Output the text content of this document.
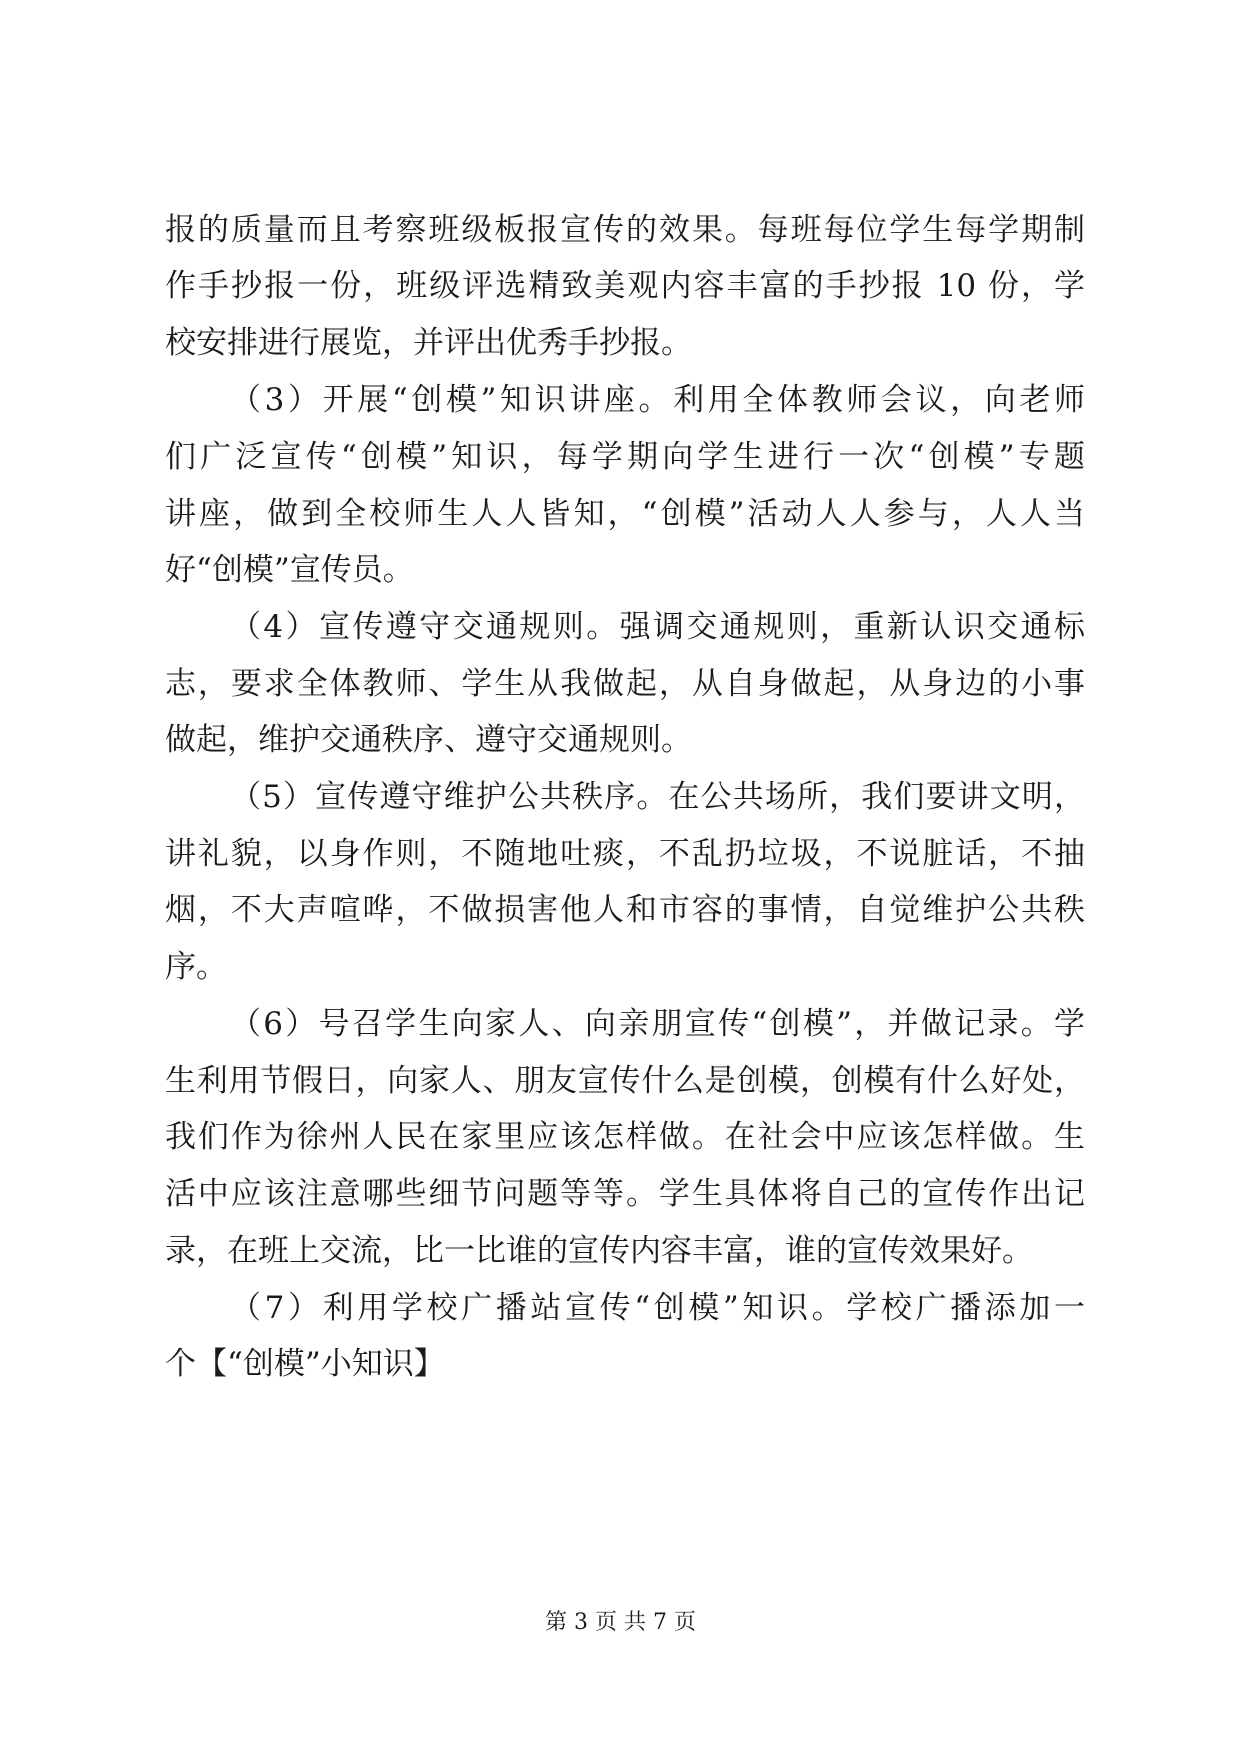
报的质量而且考察班级板报宣传的效果。每班每位学生每学期制
作手抄报一份，班级评选精致美观内容丰富的手抄报 10 份，学
校安排进行展览，并评出优秀手抄报。
（3）开展“创模”知识讲座。利用全体教师会议，向老师
们广泛宣传“创模”知识，每学期向学生进行一次“创模”专题
讲座，做到全校师生人人皆知，“创模”活动人人参与，人人当
好“创模”宣传员。
（4）宣传遵守交通规则。强调交通规则，重新认识交通标
志，要求全体教师、学生从我做起，从自身做起，从身边的小事
做起，维护交通秩序、遵守交通规则。
（5）宣传遵守维护公共秩序。在公共场所，我们要讲文明，
讲礼貌，以身作则，不随地吐痰，不乱扔垃圾，不说脏话，不抽
烟，不大声喧哗，不做损害他人和市容的事情，自觉维护公共秩
序。
（6）号召学生向家人、向亲朋宣传“创模”，并做记录。学
生利用节假日，向家人、朋友宣传什么是创模，创模有什么好处，
我们作为徐州人民在家里应该怎样做。在社会中应该怎样做。生
活中应该注意哪些细节问题等等。学生具体将自己的宣传作出记
录，在班上交流，比一比谁的宣传内容丰富，谁的宣传效果好。
（7）利用学校广播站宣传“创模”知识。学校广播添加一
个【“创模”小知识】
第 3 页 共 7 页
